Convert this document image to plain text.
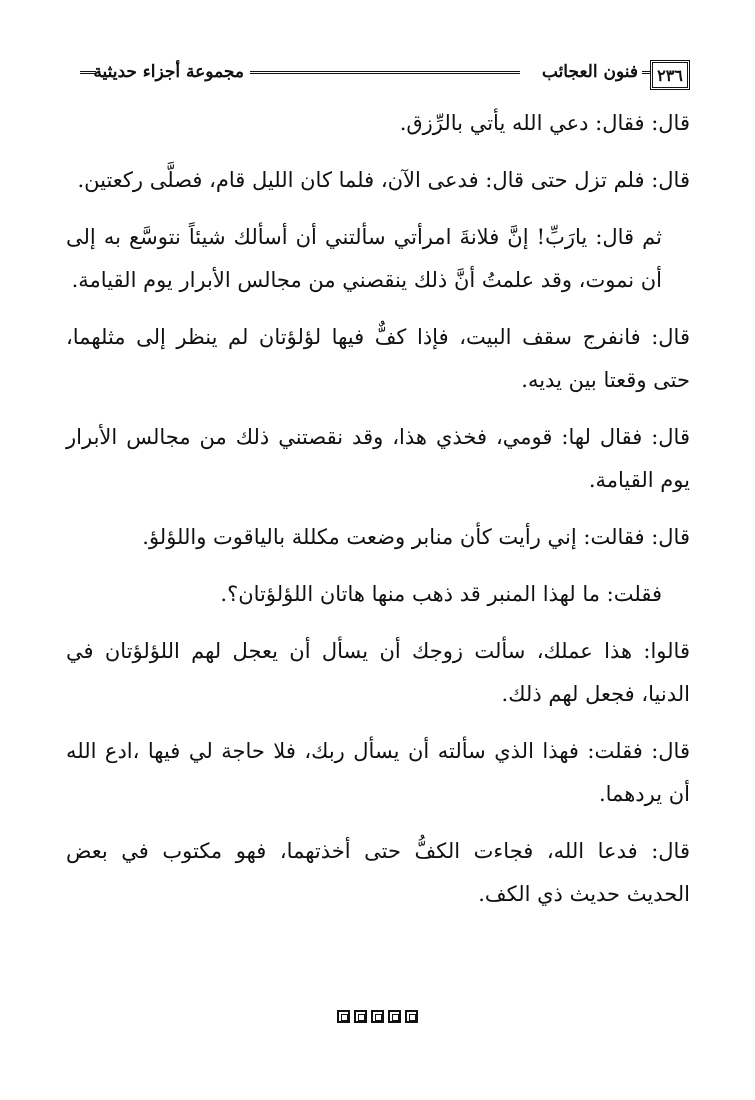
٢٣٦
فنون العجائب
مجموعة أجزاء حديثية

قال: فقال: دعي الله يأتي بالرِّزق.

قال: فلم تزل حتى قال: فدعى الآن، فلما كان الليل قام، فصلَّى ركعتين.

ثم قال: يارَبِّ! إنَّ فلانةَ امرأتي سألتني أن أسألك شيئاً نتوسَّع به إلى أن نموت، وقد علمتُ أنَّ ذلك ينقصني من مجالس الأبرار يوم القيامة.

قال: فانفرج سقف البيت، فإذا كفٌّ فيها لؤلؤتان لم ينظر إلى مثلهما، حتى وقعتا بين يديه.

قال: فقال لها: قومي، فخذي هذا، وقد نقصتني ذلك من مجالس الأبرار يوم القيامة.

قال: فقالت: إني رأيت كأن منابر وضعت مكللة بالياقوت واللؤلؤ.

فقلت: ما لهذا المنبر قد ذهب منها هاتان اللؤلؤتان؟.

قالوا: هذا عملك، سألت زوجك أن يسأل أن يعجل لهم اللؤلؤتان في الدنيا، فجعل لهم ذلك.

قال: فقلت: فهذا الذي سألته أن يسأل ربك، فلا حاجة لي فيها ،ادع الله أن يردهما.

قال: فدعا الله، فجاءت الكفُّ حتى أخذتهما، فهو مكتوب في بعض الحديث حديث ذي الكف.
